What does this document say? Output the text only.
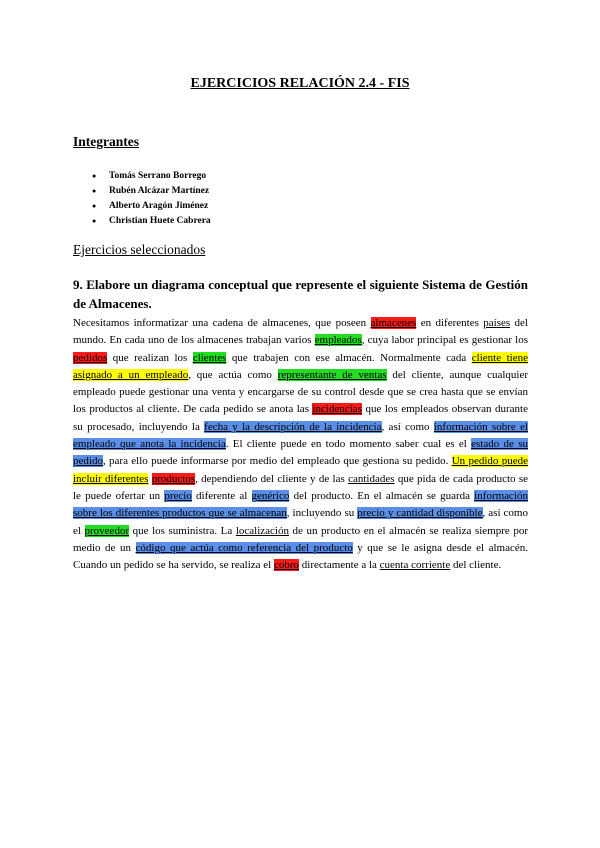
EJERCICIOS RELACIÓN 2.4 - FIS
Integrantes
● Tomás Serrano Borrego
● Rubén Alcázar Martínez
● Alberto Aragón Jiménez
● Christian Huete Cabrera
Ejercicios seleccionados
9. Elabore un diagrama conceptual que represente el siguiente Sistema de Gestión de Almacenes.
Necesitamos informatizar una cadena de almacenes, que poseen almacenes en diferentes países del mundo. En cada uno de los almacenes trabajan varios empleados, cuya labor principal es gestionar los pedidos que realizan los clientes que trabajen con ese almacén. Normalmente cada cliente tiene asignado a un empleado, que actúa como representante de ventas del cliente, aunque cualquier empleado puede gestionar una venta y encargarse de su control desde que se crea hasta que se envían los productos al cliente. De cada pedido se anota las incidencias que los empleados observan durante su procesado, incluyendo la fecha y la descripción de la incidencia, así como información sobre el empleado que anota la incidencia. El cliente puede en todo momento saber cual es el estado de su pedido, para ello puede informarse por medio del empleado que gestiona su pedido. Un pedido puede incluir diferentes productos, dependiendo del cliente y de las cantidades que pida de cada producto se le puede ofertar un precio diferente al genérico del producto. En el almacén se guarda información sobre los diferentes productos que se almacenan, incluyendo su precio y cantidad disponible, así como el proveedor que los suministra. La localización de un producto en el almacén se realiza siempre por medio de un código que actúa como referencia del producto y que se le asigna desde el almacén. Cuando un pedido se ha servido, se realiza el cobro directamente a la cuenta corriente del cliente.
